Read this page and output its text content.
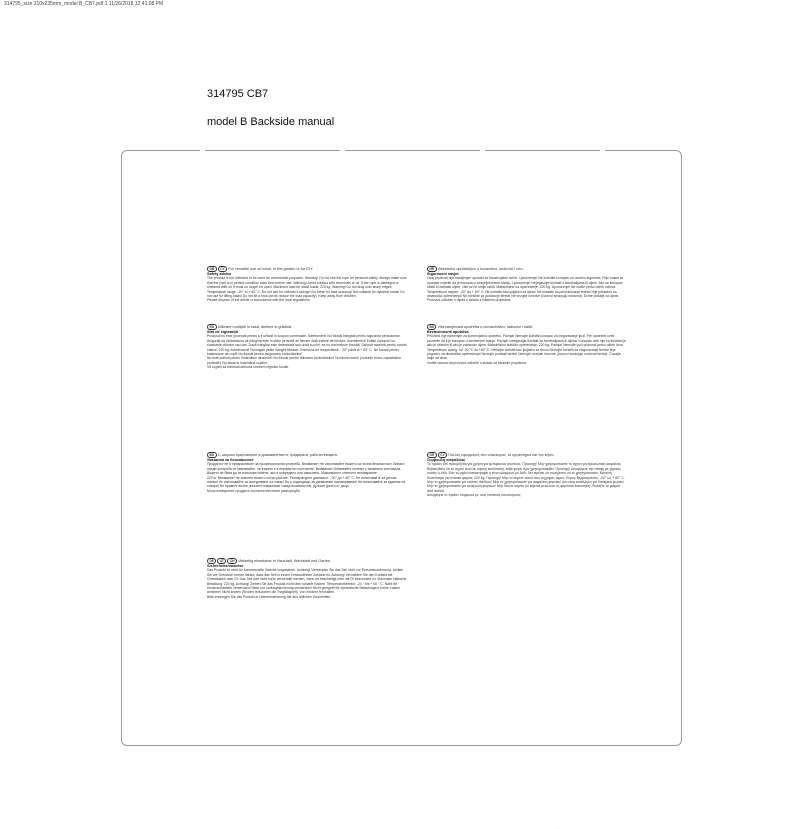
314795_size 210x235mm_model B_CB7.pdf 1 11/26/2018 12:41:08 PM
314795 CB7
model B Backside manual
GB	CY For versatile use at home, in the garden or for DIY.
Safety advise

The product is not intended to be used for commercial purposes. Warning! Do not use the rope for personal safety. Always make sure that the rope is in perfect condition each time before use. Warning! Avoid contact with chemicals or oil. If the rope is damaged or smeared with oil, it must no longer be used. Maximum load for static loads: 220 kg. Warning! Do not drag over sharp edges. Temperature range: -20° to + 60° C. Do not use for children's swings! Do these for load securing! Not suitable for dynamic loads! Do not use for lifting loads! Do not tie a knot (knots reduce the load capacity). Keep away from children.
Please dispose of the article in accordance with the local regulations.

RO Utilizare multiplă în casă, ateliere și grădină.
Sfat de siguranță

Produsul nu este proiectat pentru a fi utilizat în scopuri comerciale. Avertisment! Nu folosiți frânghia pentru siguranța persoanelor. Asigurați-vă întotdeauna că frânghia este în stare perfectă de fiecare dată înainte de folosire. Avertisment! Evitați contactul cu substanțe chimice sau ulei. Dacă frânghia este deteriorată sau unsă cu ulei, ea nu mai trebuie folosită. Sarcină maximă pentru sarcini statice: 220 kg. Avertisment! Nu trageți peste margini tăioase. Domeniul de temperatură: - 20° până la + 60° C. Nu folosiți pentru balansoare de copii! Nu folosiți pentru asigurarea încărcăturilor!
Nu este potrivit pentru încărcături dinamice! Nu folosiți pentru ridicarea încărcăturilor! Nu faceți noduri (nodurile reduc capacitatea portantă). Nu lăsați la îndemâna copiilor.
Vă rugăm să eliminați articolul conform regulilor locale.

BG С широко приложение в домакинството, градината, работилницата.
Указания за безопасност

Продуктът не е предназначен за професионална употреба. Внимание! Не използвайте въжето за лична безопасност. Винаги преди употреба се уверявайте, че въжето е в перфектно състояние. Внимание! Избягвайте контакт с химикали или масла. Въжето не бива да се използва повече, ако е повредено или омаслено. Максимално статично натоварване:
220 кг. Внимание! Не влачете въжето остри ръбове. Температурен диапазон: - 20° до + 60° C. Не използвайте за детски люлки! Не използвайте за осигуряване на товар! Не е подходящо за динамични натоварвания! Не използвайте за вдигане на товари! Не правете възли (възлите намаляват товароносимостта). Дръжте далеч от деца.
Моля изхвърлете продукта съгласно местните разпоредби.

DE	AT	CH Vielseitig einsetzbar in Haushalt, Werkstatt und Garten.
Sicherheitshinweise

Das Produkt ist nicht für kommerzielle Zwecke vorgesehen. Achtung! Verwenden Sie das Seil nicht zur Personensicherung. Achten Sie vor Gebrauch immer darauf, dass das Seil in einem einwandfreien Zustand ist. Achtung! Vermeiden Sie den Kontakt mit Chemikalien oder Öl. Das Seil darf nicht mehr verwendet werden, wenn es beschädigt oder mit Öl beschmiert ist. Maximale statische Belastung: 220 kg. Achtung! Ziehen Sie das Produkt nicht über scharfe Kanten. Temperaturbereich: -20 ° bis + 60 ° C. Nicht für Kinderschaukeln verwenden! Nicht zur Ladungssicherung verwenden! Nicht geeignet für dynamische Belastungen! Keine Lasten anheben! Nicht knoten (Knoten reduzieren die Tragfähigkeit). Von Kindern fernhalten.
Bitte entsorgen Sie das Produkt in Übereinstimmung mit den örtlichen Vorschriften.

HR Višestruko upotrebljivo u kućanstvu, radionici i vrtu.
Sigurnosni savjet

Ovaj proizvod nije namijenjen uporabi za komercijalne svrhe. Upozorenje! Ne koristite konopac za osobnu sigurnost. Prije svake se uporabe uvjerite da je konopac u besprijekornom stanju. Upozorenje! Izbjegavajte kontakt s kemikalijama ili uljem. Ako se konopac oštetí ili zamasti uljem, više se ne smije rabiti. Maksimalno na opterećenje: 220 kg. Upozorenje! Ne vucite preko oštrih rubova. Temperaturni raspon: -20° do + 60° C. Ne koristite kao ljuljačku za djecu! Ne koristite za pričvršćivanje tereta! Nije prikladno za dinamička opterećenja! Ne koristite za podizanje tereta! Ne vezujte čvorove (čvorovi smanjuju nosivost). Držite podalje od djece.
Proizvod odložite u otpad u skladu s lokalnim propisima.

BS Višenamjenska upotreba u domaćinstvu, radionici i bašti.
Bezbednosna uputstva

Proizvod nije namenjen za komercijalnu upotrebu. Pažnja! Nemojte koristiti konopac za osiguravanje ljudi. Pre upotrebe uvek proverite da li je konopac u savršenom stanju. Pažnja! Izbegavajte kontakt sa hemikalijama ili uljima. Konopac više nije za korišćenje ako je oštećen ili ako je zamazan uljem. Maksimalno statičko opterećenje: 220 kg. Pažnja! Nemojte vući proizvod preko oštrih ivica.
Temperaturni opseg: od -20 °C do +60 °C. Nemojte koristiti kao ljuljašku za decu! Nemojte koristiti za osiguravanje tereta! Nije pogodno za dinamička opterećenja! Nemojte podizati terete! Nemojte vezivati čvorove (čvorovi smanjuju nosivost tereta). Čuvajte dalje od dece.
Vodite računa da proizvod odložite u skladu sa lokalnim propisima.

GR	CY Πολλές εφαρμογές στο νοικοκυριό, το εργαστήριο και τον κήπο.
Συμβουλή ασφαλείας

Το προϊόν δεν προορίζεται για χρήση για εμπορικούς σκοπούς. Προσοχή! Μην χρησιμοποιείτε το σχοινί για προσωπική ασφάλεια. Βεβαιωθείτε ότι το σχοινί είναι σε άψογη κατάσταση, κάθε φορά πριν χρησιμοποιηθεί. Προσοχή! Αποφύγετε την επαφή με χημικές ουσίες ή λάδι. Εάν το σχοινί καταστραφεί ή είναι αλειμμένο με λάδι, δεν πρέπει να συνεχίσετε να το χρησιμοποιείτε. Μέγιστη δυνατότητα για στατικά φορτία: 220 kg. Προσοχή! Μην το σύρετε πάνω από αιχμηρές άκρες. Εύρος θερμοκρασίας: -20° ως + 60° C. Μην το χρησιμοποιείτε για κούνιες παιδιών! Μην το χρησιμοποιείτε για ασφάλιση φορτίου! Δεν είναι κατάλληλο για δυναμικά φορτία! Μην το χρησιμοποιείτε για ανύψωση φορτίων! Μην δένετε κόμπο (οι κόμποι μειώνουν τη φέρουσα ικανότητα). Φυλάξτε το μακριά από παιδιά.
Απορρίψτε το προϊόν σύμφωνα με τους τοπικούς κανονισμούς.

...
